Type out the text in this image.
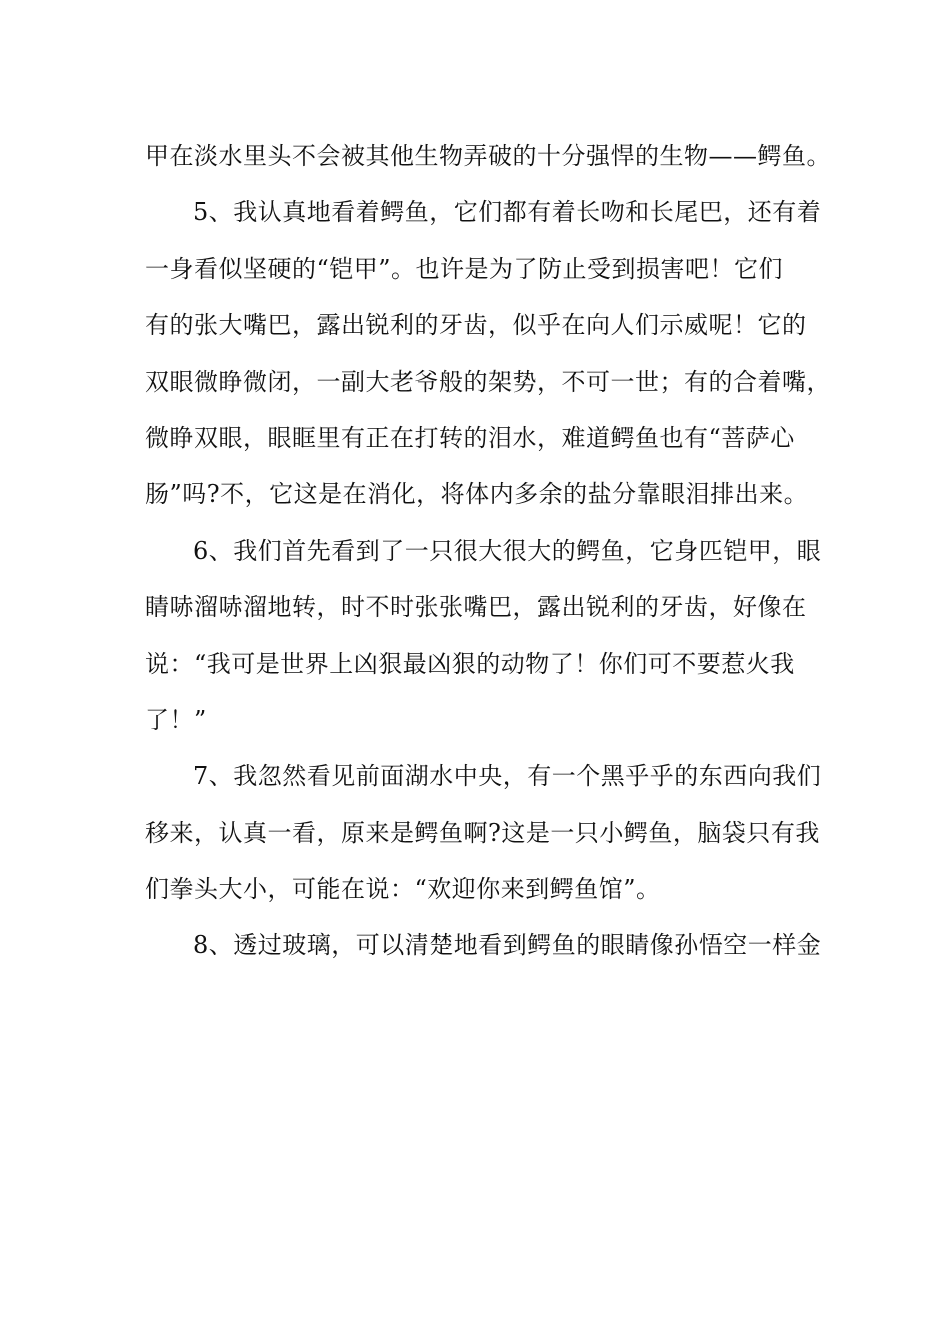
甲在淡水里头不会被其他生物弄破的十分强悍的生物——鳄鱼。
5、我认真地看着鳄鱼，它们都有着长吻和长尾巴，还有着
一身看似坚硬的“铠甲”。也许是为了防止受到损害吧！它们
有的张大嘴巴，露出锐利的牙齿，似乎在向人们示威呢！它的
双眼微睁微闭，一副大老爷般的架势，不可一世；有的合着嘴，
微睁双眼，眼眶里有正在打转的泪水，难道鳄鱼也有“菩萨心
肠”吗?不，它这是在消化，将体内多余的盐分靠眼泪排出来。
6、我们首先看到了一只很大很大的鳄鱼，它身匹铠甲，眼
睛哧溜哧溜地转，时不时张张嘴巴，露出锐利的牙齿，好像在
说：“我可是世界上凶狠最凶狠的动物了！你们可不要惹火我
了！”
7、我忽然看见前面湖水中央，有一个黑乎乎的东西向我们
移来，认真一看，原来是鳄鱼啊?这是一只小鳄鱼，脑袋只有我
们拳头大小，可能在说：“欢迎你来到鳄鱼馆”。
8、透过玻璃，可以清楚地看到鳄鱼的眼睛像孙悟空一样金
